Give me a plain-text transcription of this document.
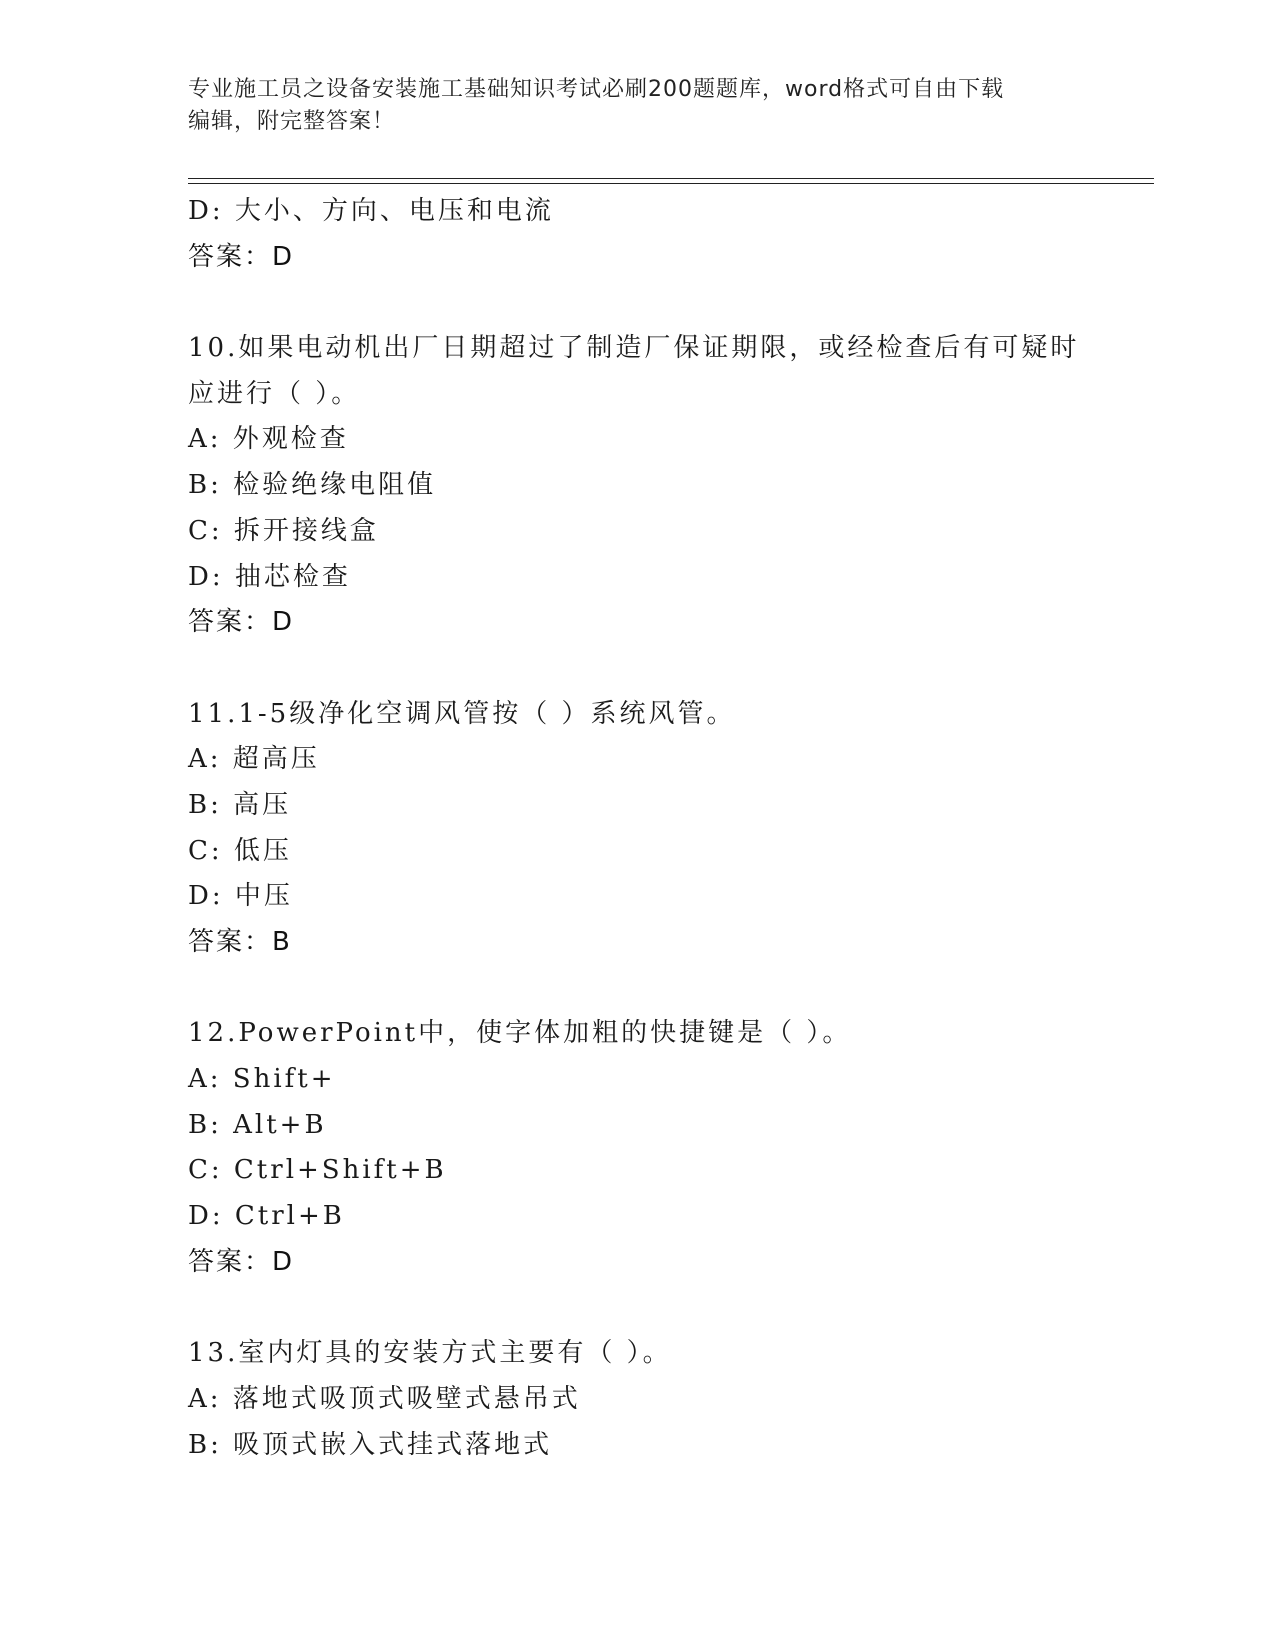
专业施工员之设备安装施工基础知识考试必刷200题题库，word格式可自由下载
编辑，附完整答案！
D: 大小、方向、电压和电流
答案：D
10.如果电动机出厂日期超过了制造厂保证期限，或经检查后有可疑时
应进行（ ）。
A: 外观检查
B: 检验绝缘电阻值
C: 拆开接线盒
D: 抽芯检查
答案：D
11.1-5级净化空调风管按（ ）系统风管。
A: 超高压
B: 高压
C: 低压
D: 中压
答案：B
12.PowerPoint中，使字体加粗的快捷键是（ ）。
A: Shift+
B: Alt+B
C: Ctrl+Shift+B
D: Ctrl+B
答案：D
13.室内灯具的安装方式主要有（ ）。
A: 落地式吸顶式吸壁式悬吊式
B: 吸顶式嵌入式挂式落地式
